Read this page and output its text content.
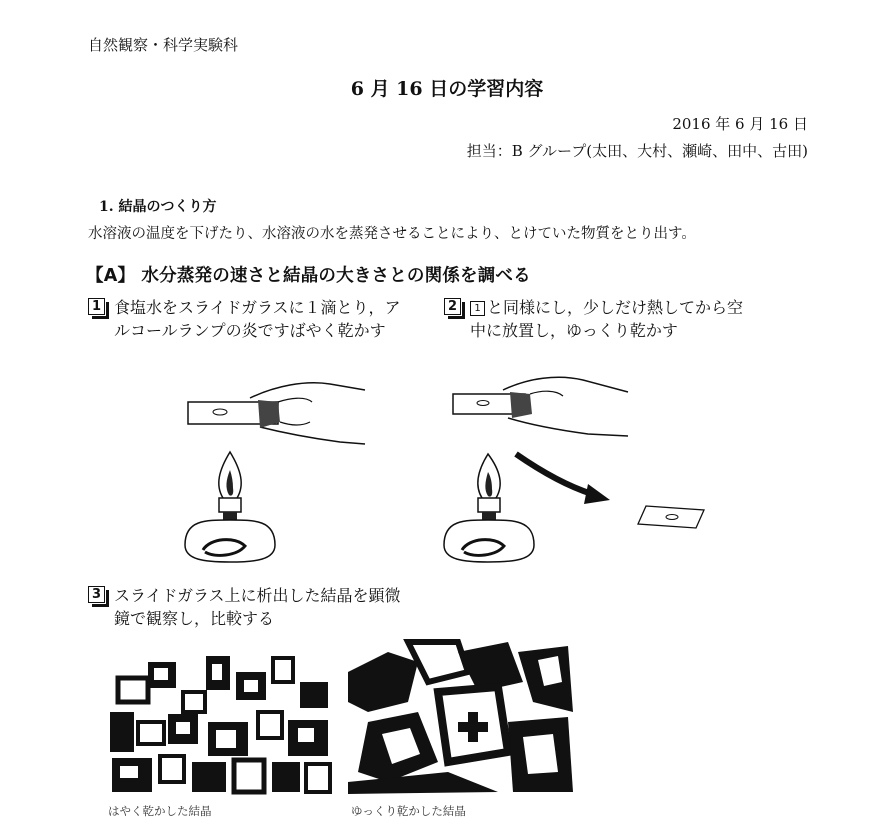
自然観察・科学実験科
6 月 16 日の学習内容
2016 年 6 月 16 日
担当：B グループ(太田、大村、瀬崎、田中、古田)
1. 結晶のつくり方
水溶液の温度を下げたり、水溶液の水を蒸発させることにより、とけていた物質をとり出す。
【A】 水分蒸発の速さと結晶の大きさとの関係を調べる
1 食塩水をスライドガラスに１滴とり，アルコールランプの炎ですばやく乾かす
2	1 と同様にし，少しだけ熱してから空中に放置し，ゆっくり乾かす
3 スライドガラス上に析出した結晶を顕微鏡で観察し，比較する
はやく乾かした結晶	ゆっくり乾かした結晶
